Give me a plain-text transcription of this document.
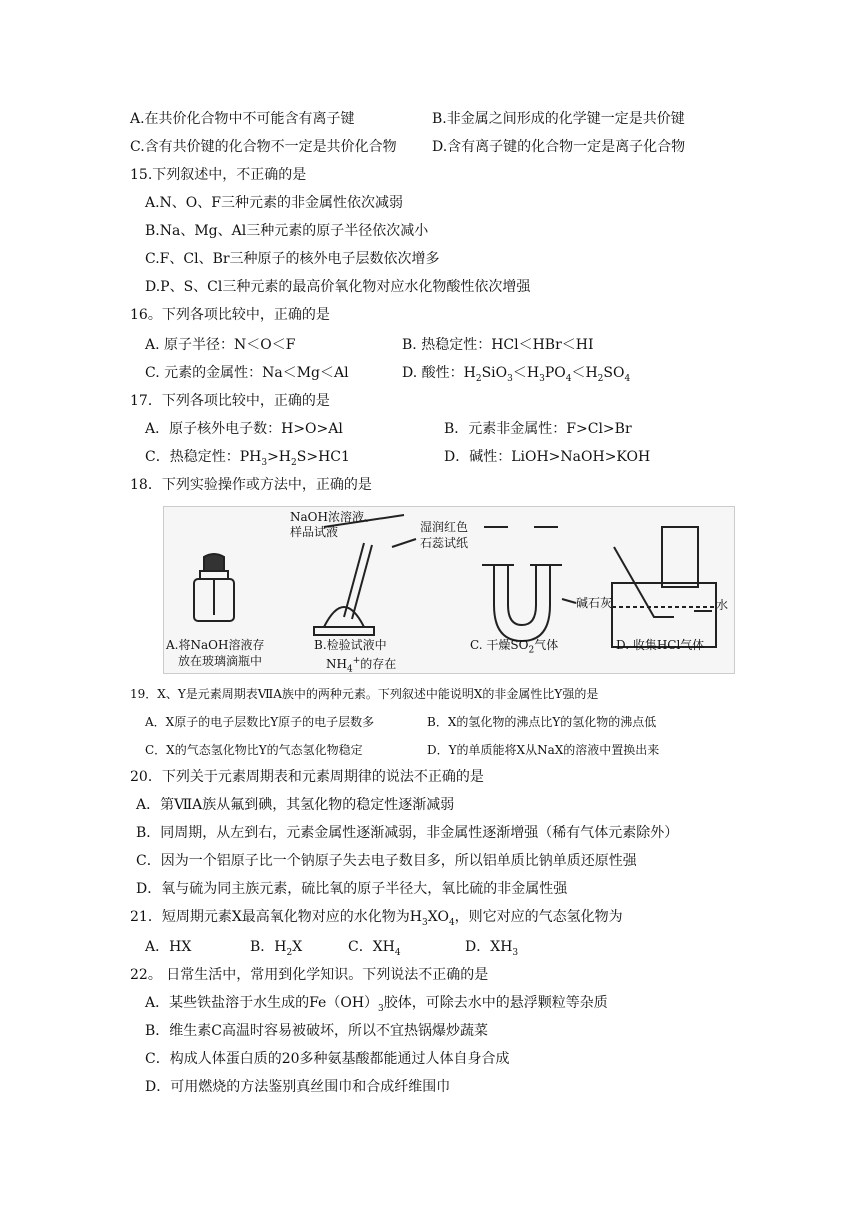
A.在共价化合物中不可能含有离子键	B.非金属之间形成的化学键一定是共价键
C.含有共价键的化合物不一定是共价化合物	D.含有离子键的化合物一定是离子化合物
15.下列叙述中，不正确的是
A.N、O、F三种元素的非金属性依次减弱
B.Na、Mg、Al三种元素的原子半径依次减小
C.F、Cl、Br三种原子的核外电子层数依次增多
D.P、S、Cl三种元素的最高价氧化物对应水化物酸性依次增强
16。下列各项比较中，正确的是
A. 原子半径：N＜O＜F	B. 热稳定性：HCl＜HBr＜HI
C. 元素的金属性：Na＜Mg＜Al	D. 酸性：$H_2SiO_3<H_3PO_4<H_2SO_4$
17．下列各项比较中，正确的是
A．原子核外电子数：H>O>Al	B．元素非金属性：F>Cl>Br
C．热稳定性：$PH_3>H_2S>HC1$	D．碱性：LiOH>NaOH>KOH
18．下列实验操作或方法中，正确的是
NaOH浓溶液、
样品试液	湿润红色
石蕊试纸
碱石灰	水
A.将NaOH溶液存
放在玻璃滴瓶中
B.检验试液中
$NH_4^+$的存在
C. 干燥$SO_2$气体	D. 收集HCl气体
19．X、Y是元素周期表ⅦA族中的两种元素。下列叙述中能说明X的非金属性比Y强的是
A．X原子的电子层数比Y原子的电子层数多	B．X的氢化物的沸点比Y的氢化物的沸点低
C．X的气态氢化物比Y的气态氢化物稳定	D．Y的单质能将X从NaX的溶液中置换出来
20．下列关于元素周期表和元素周期律的说法不正确的是
A．第ⅦA族从氟到碘，其氢化物的稳定性逐渐减弱
B．同周期，从左到右，元素金属性逐渐减弱，非金属性逐渐增强（稀有气体元素除外）
C．因为一个铝原子比一个钠原子失去电子数目多，所以铝单质比钠单质还原性强
D．氧与硫为同主族元素，硫比氧的原子半径大，氧比硫的非金属性强
21．短周期元素X最高氧化物对应的水化物为$H_3XO_4$，则它对应的气态氢化物为
A．HX	B．$H_2X$	C．$XH_4$	D．$XH_3$
22。 日常生活中，常用到化学知识。下列说法不正确的是
A．某些铁盐溶于水生成的$Fe(OH)_3$胶体，可除去水中的悬浮颗粒等杂质
B．维生素C高温时容易被破坏，所以不宜热锅爆炒蔬菜
C．构成人体蛋白质的20多种氨基酸都能通过人体自身合成
D．可用燃烧的方法鉴别真丝围巾和合成纤维围巾
